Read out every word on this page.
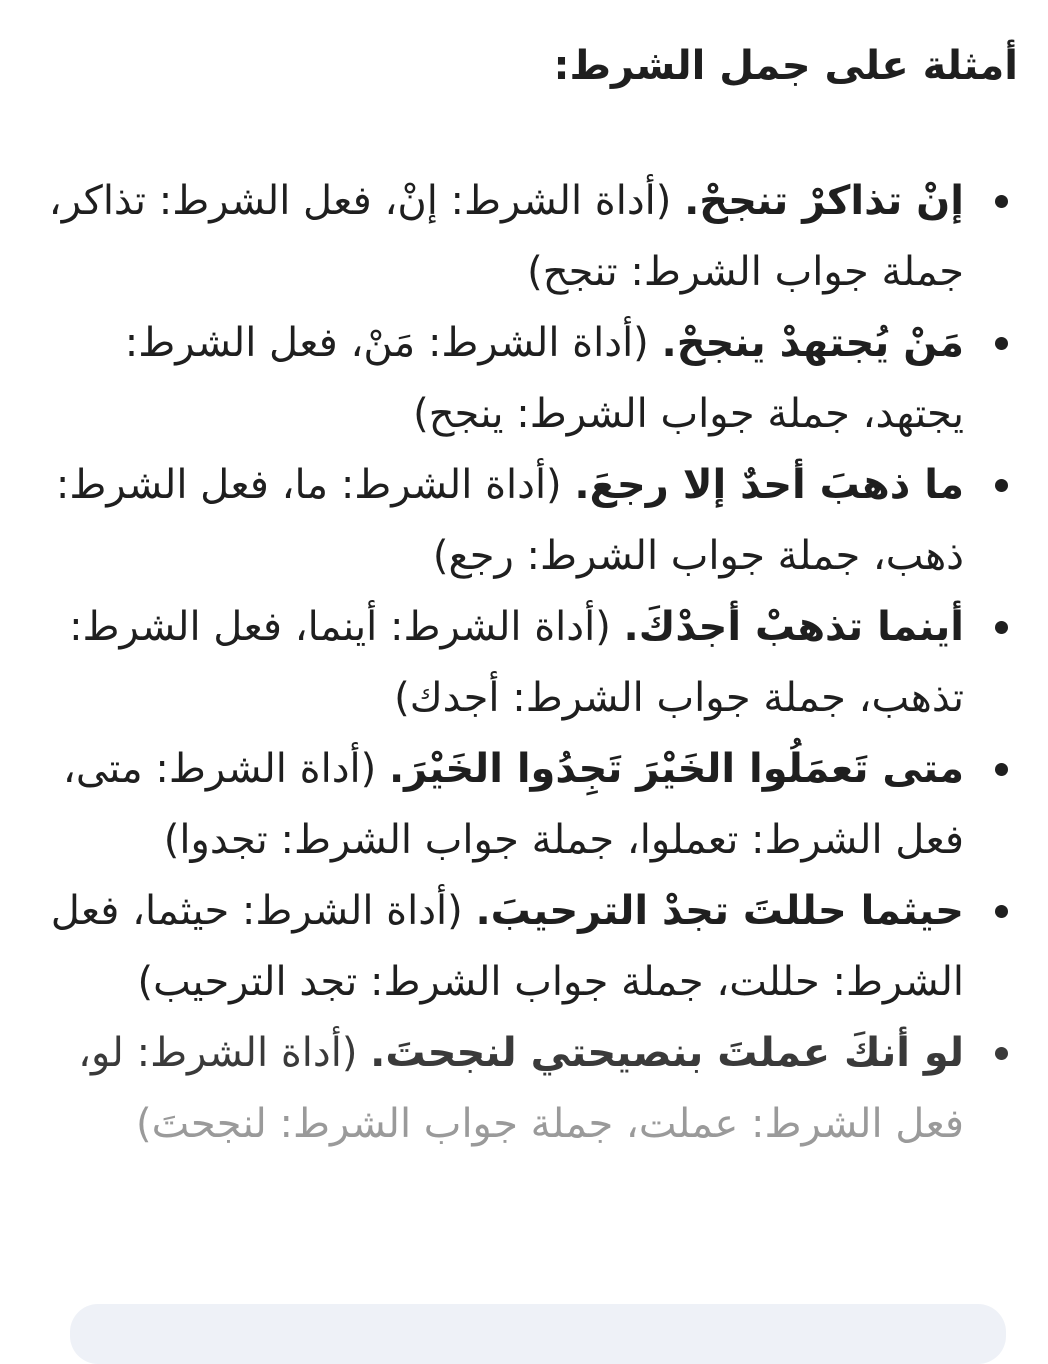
أمثلة على جمل الشرط:
إنْ تذاكرْ تنجحْ. (أداة الشرط: إنْ، فعل الشرط: تذاكر، جملة جواب الشرط: تنجح)
مَنْ يُجتهدْ ينجحْ. (أداة الشرط: مَنْ، فعل الشرط: يجتهد، جملة جواب الشرط: ينجح)
ما ذهبَ أحدٌ إلا رجعَ. (أداة الشرط: ما، فعل الشرط: ذهب، جملة جواب الشرط: رجع)
أينما تذهبْ أجدْكَ. (أداة الشرط: أينما، فعل الشرط: تذهب، جملة جواب الشرط: أجدك)
متى تَعمَلُوا الخَيْرَ تَجِدُوا الخَيْرَ. (أداة الشرط: متى، فعل الشرط: تعملوا، جملة جواب الشرط: تجدوا)
حيثما حللتَ تجدْ الترحيبَ. (أداة الشرط: حيثما، فعل الشرط: حللت، جملة جواب الشرط: تجد الترحيب)
لو أنكَ عملتَ بنصيحتي لنجحتَ. (أداة الشرط: لو،
فعل الشرط: عملت، جملة جواب الشرط: لنجحتَ)
